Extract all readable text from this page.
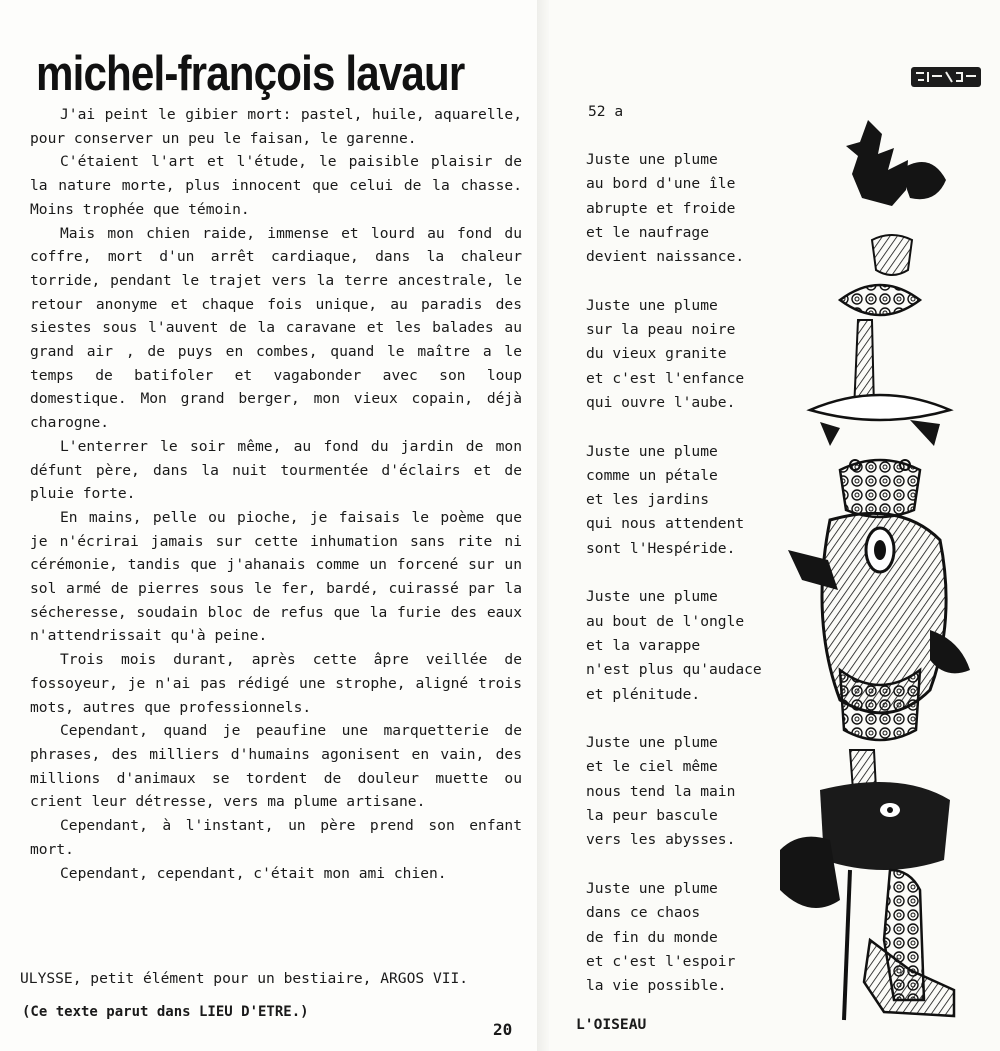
michel-françois lavaur

J'ai peint le gibier mort: pastel, huile, aquarelle, pour conserver un peu le faisan, le garenne.

C'étaient l'art et l'étude, le paisible plaisir de la nature morte, plus innocent que celui de la chasse. Moins trophée que témoin.

Mais mon chien raide, immense et lourd au fond du coffre, mort d'un arrêt cardiaque, dans la chaleur torride, pendant le trajet vers la terre ancestrale, le retour anonyme et chaque fois unique, au paradis des siestes sous l'auvent de la caravane et les balades au grand air , de puys en combes, quand le maître a le temps de batifoler et vagabonder avec son loup domestique. Mon grand berger, mon vieux copain, déjà charogne.

L'enterrer le soir même, au fond du jardin de mon défunt père, dans la nuit tourmentée d'éclairs et de pluie forte.

En mains, pelle ou pioche, je faisais le poème que je n'écrirai jamais sur cette inhumation sans rite ni cérémonie, tandis que j'ahanais comme un forcené sur un sol armé de pierres sous le fer, bardé, cuirassé par la sécheresse, soudain bloc de refus que la furie des eaux n'attendrissait qu'à peine.

Trois mois durant, après cette âpre veillée de fossoyeur, je n'ai pas rédigé une strophe, aligné trois mots, autres que professionnels.

Cependant, quand je peaufine une marquetterie de phrases, des milliers d'humains agonisent en vain, des millions d'animaux se tordent de douleur muette ou crient leur détresse, vers ma plume artisane.

Cependant, à l'instant, un père prend son enfant mort.

Cependant, cependant, c'était mon ami chien.

ULYSSE, petit élément pour un bestiaire, ARGOS VII.
(Ce texte parut dans LIEU D'ETRE.)
20
52 a
Juste une plume
au bord d'une île
abrupte et froide
et le naufrage
devient naissance.
Juste une plume
sur la peau noire
du vieux granite
et c'est l'enfance
qui ouvre l'aube.
Juste une plume
comme un pétale
et les jardins
qui nous attendent
sont l'Hespéride.
Juste une plume
au bout de l'ongle
et la varappe
n'est plus qu'audace
et plénitude.
Juste une plume
et le ciel même
nous tend la main
la peur bascule
vers les abysses.
Juste une plume
dans ce chaos
de fin du monde
et c'est l'espoir
la vie possible.
L'OISEAU
